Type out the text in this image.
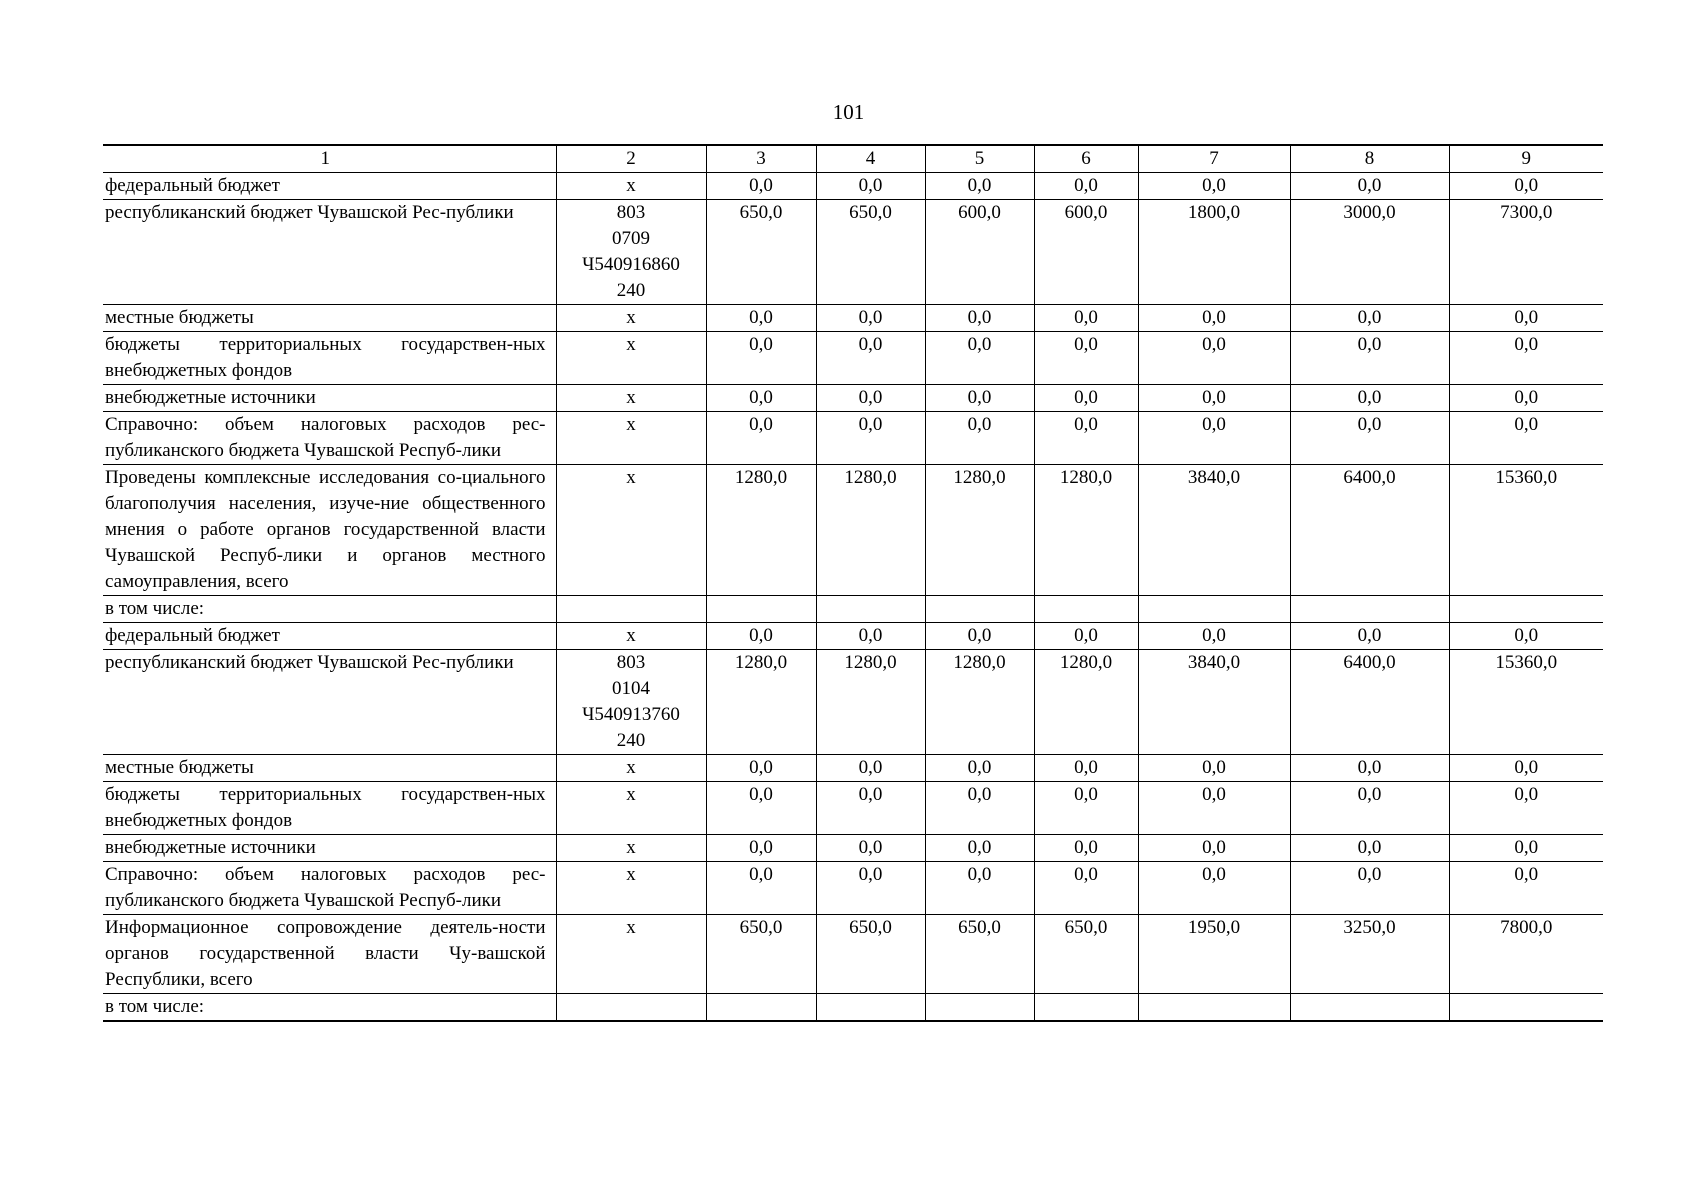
101
1	2	3	4	5	6	7	8	9
федеральный бюджет	x	0,0	0,0	0,0	0,0	0,0	0,0	0,0
республиканский бюджет Чувашской Рес-публики	803
0709
Ч540916860
240	650,0	650,0	600,0	600,0	1800,0	3000,0	7300,0
местные бюджеты	x	0,0	0,0	0,0	0,0	0,0	0,0	0,0
бюджеты территориальных государствен-ных внебюджетных фондов	x	0,0	0,0	0,0	0,0	0,0	0,0	0,0
внебюджетные источники	x	0,0	0,0	0,0	0,0	0,0	0,0	0,0
Справочно: объем налоговых расходов рес-публиканского бюджета Чувашской Респуб-лики	x	0,0	0,0	0,0	0,0	0,0	0,0	0,0
Проведены комплексные исследования со-циального благополучия населения, изуче-ние общественного мнения о работе органов государственной власти Чувашской Респуб-лики и органов местного самоуправления, всего	x	1280,0	1280,0	1280,0	1280,0	3840,0	6400,0	15360,0
в том числе:	

федеральный бюджет	x	0,0	0,0	0,0	0,0	0,0	0,0	0,0
республиканский бюджет Чувашской Рес-публики	803
0104
Ч540913760
240	1280,0	1280,0	1280,0	1280,0	3840,0	6400,0	15360,0
местные бюджеты	x	0,0	0,0	0,0	0,0	0,0	0,0	0,0
бюджеты территориальных государствен-ных внебюджетных фондов	x	0,0	0,0	0,0	0,0	0,0	0,0	0,0
внебюджетные источники	x	0,0	0,0	0,0	0,0	0,0	0,0	0,0
Справочно: объем налоговых расходов рес-публиканского бюджета Чувашской Респуб-лики	x	0,0	0,0	0,0	0,0	0,0	0,0	0,0
Информационное сопровождение деятель-ности органов государственной власти Чу-вашской Республики, всего	x	650,0	650,0	650,0	650,0	1950,0	3250,0	7800,0
в том числе:	
